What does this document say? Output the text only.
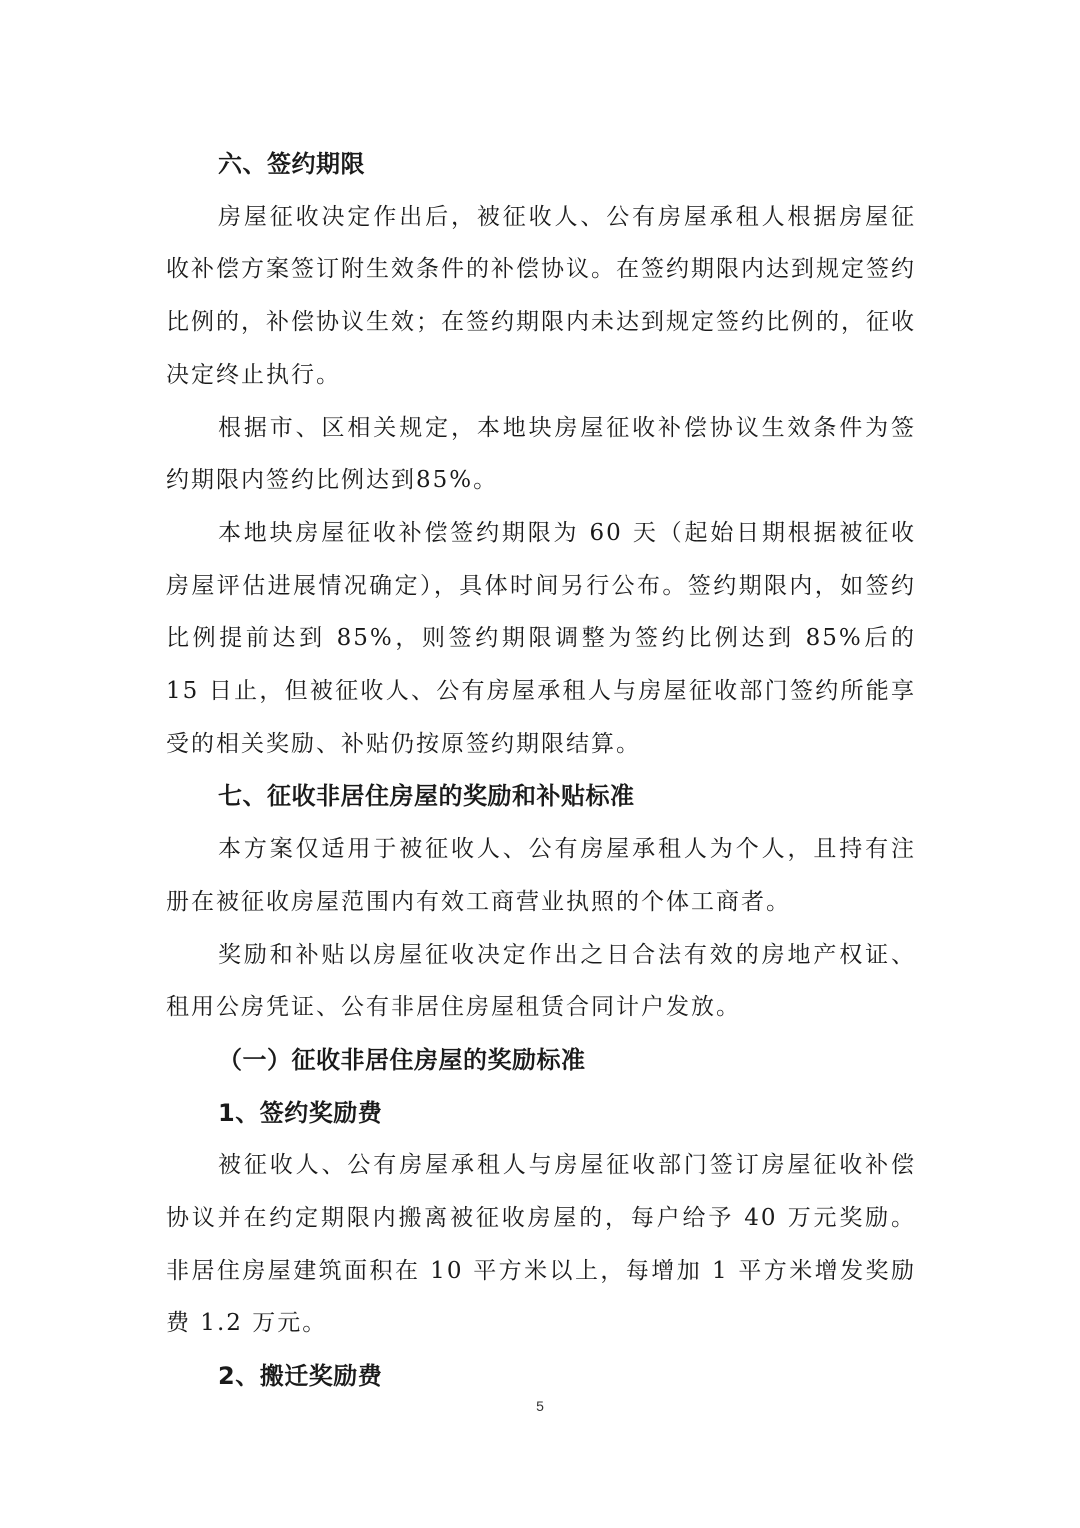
六、签约期限

房屋征收决定作出后，被征收人、公有房屋承租人根据房屋征收补偿方案签订附生效条件的补偿协议。在签约期限内达到规定签约比例的，补偿协议生效；在签约期限内未达到规定签约比例的，征收决定终止执行。

根据市、区相关规定，本地块房屋征收补偿协议生效条件为签约期限内签约比例达到85%。

本地块房屋征收补偿签约期限为 60 天（起始日期根据被征收房屋评估进展情况确定），具体时间另行公布。签约期限内，如签约比例提前达到 85%，则签约期限调整为签约比例达到 85%后的 15 日止，但被征收人、公有房屋承租人与房屋征收部门签约所能享受的相关奖励、补贴仍按原签约期限结算。

七、征收非居住房屋的奖励和补贴标准

本方案仅适用于被征收人、公有房屋承租人为个人，且持有注册在被征收房屋范围内有效工商营业执照的个体工商者。

奖励和补贴以房屋征收决定作出之日合法有效的房地产权证、租用公房凭证、公有非居住房屋租赁合同计户发放。

（一）征收非居住房屋的奖励标准
1、签约奖励费

被征收人、公有房屋承租人与房屋征收部门签订房屋征收补偿协议并在约定期限内搬离被征收房屋的，每户给予 40 万元奖励。非居住房屋建筑面积在 10 平方米以上，每增加 1 平方米增发奖励费 1.2 万元。

2、搬迁奖励费
5
